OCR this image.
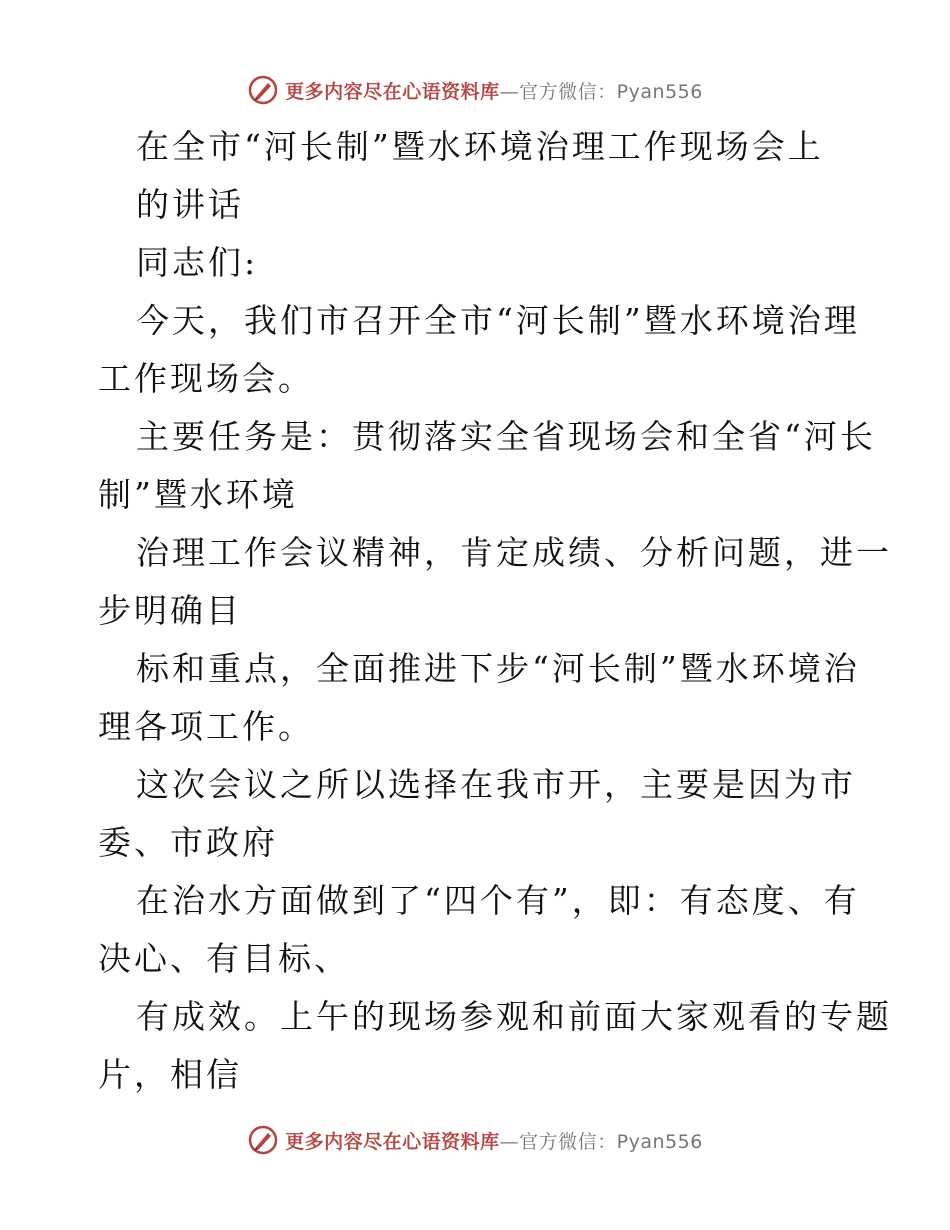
更多内容尽在心语资料库—官方微信：Pyan556
在全市“河长制”暨水环境治理工作现场会上
的讲话
同志们:
今天，我们市召开全市“河长制”暨水环境治理
工作现场会。
主要任务是：贯彻落实全省现场会和全省“河长
制”暨水环境
治理工作会议精神，肯定成绩、分析问题，进一
步明确目
标和重点，全面推进下步“河长制”暨水环境治
理各项工作。
这次会议之所以选择在我市开，主要是因为市
委、市政府
在治水方面做到了“四个有”，即：有态度、有
决心、有目标、
有成效。上午的现场参观和前面大家观看的专题
片，相信
更多内容尽在心语资料库—官方微信：Pyan556
